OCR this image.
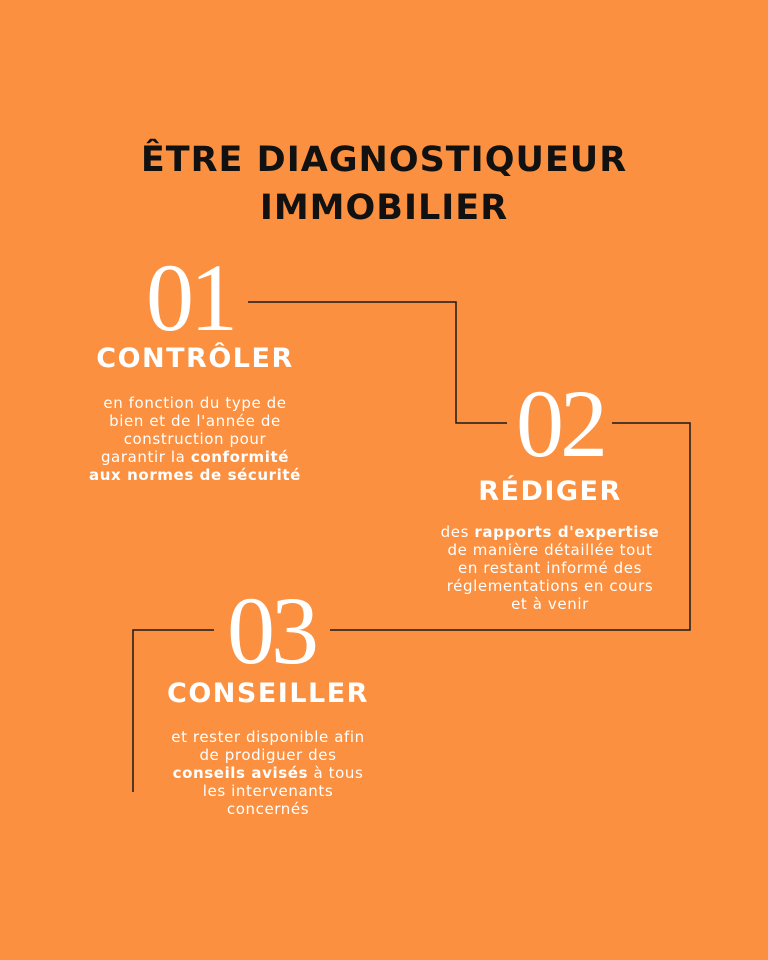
ÊTRE DIAGNOSTIQUEUR
IMMOBILIER
01
CONTRÔLER
en fonction du type de
bien et de l'année de
construction pour
garantir la conformité
aux normes de sécurité	02
RÉDIGER
des rapports d'expertise
de manière détaillée tout
en restant informé des
réglementations en cours
et à venir
03
CONSEILLER
et rester disponible afin
de prodiguer des
conseils avisés à tous
les intervenants
concernés
